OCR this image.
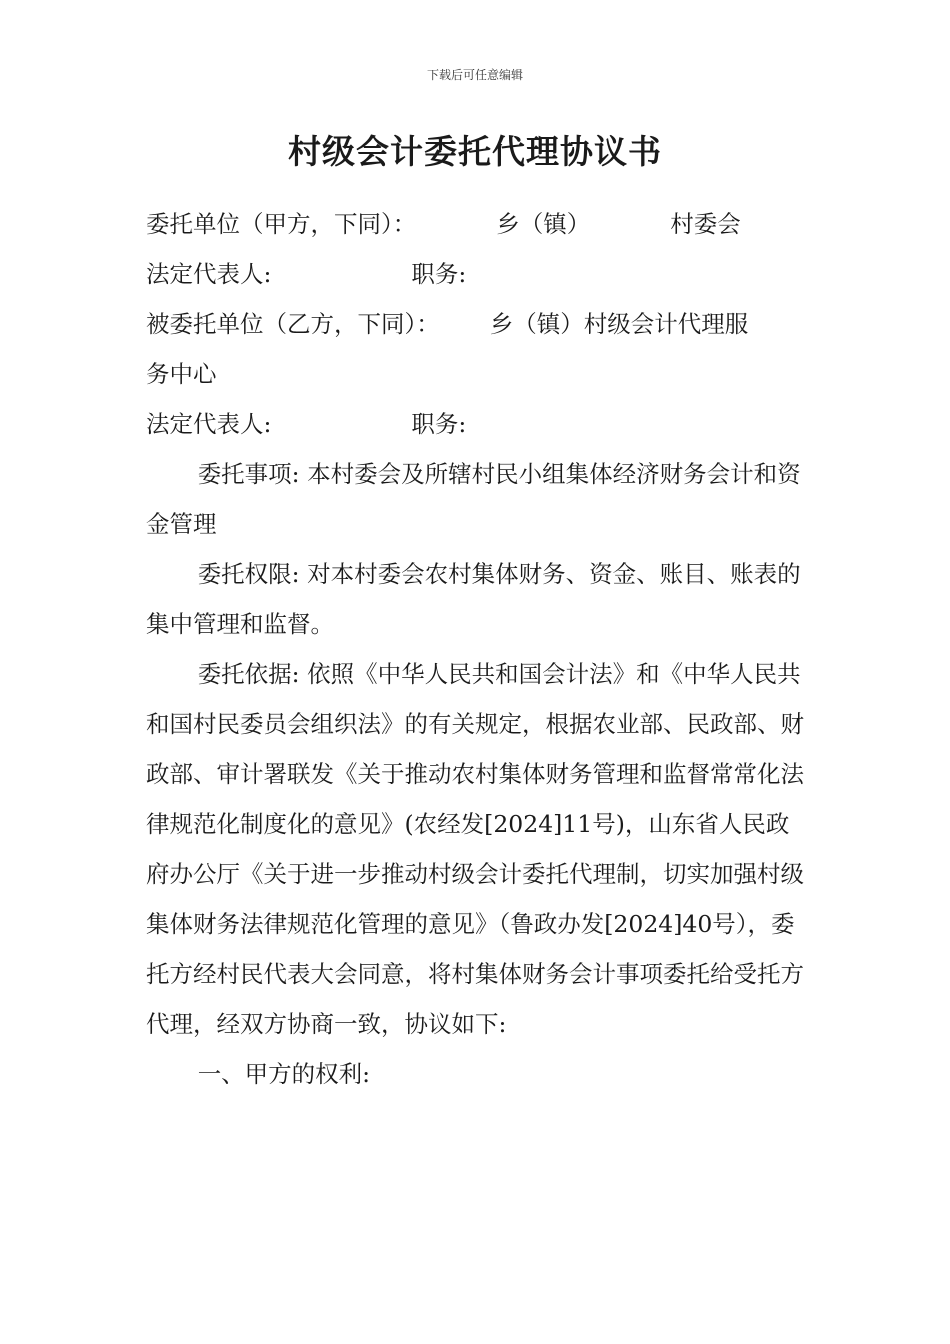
下载后可任意编辑
村级会计委托代理协议书
委托单位（甲方，下同）：	乡（镇）	村委会
法定代表人:	职务:
被委托单位（乙方，下同）： 乡（镇）村级会计代理服
务中心
法定代表人:	职务:
委托事项: 本村委会及所辖村民小组集体经济财务会计和资金管理
委托权限: 对本村委会农村集体财务、资金、账目、账表的集中管理和监督。
委托依据: 依照《中华人民共和国会计法》和《中华人民共和国村民委员会组织法》的有关规定，根据农业部、民政部、财政部、审计署联发《关于推动农村集体财务管理和监督常常化法律规范化制度化的意见》(农经发[2024]11号)，山东省人民政府办公厅《关于进一步推动村级会计委托代理制，切实加强村级集体财务法律规范化管理的意见》（鲁政办发[2024]40号），委托方经村民代表大会同意，将村集体财务会计事项委托给受托方代理，经双方协商一致，协议如下:
一、甲方的权利:
